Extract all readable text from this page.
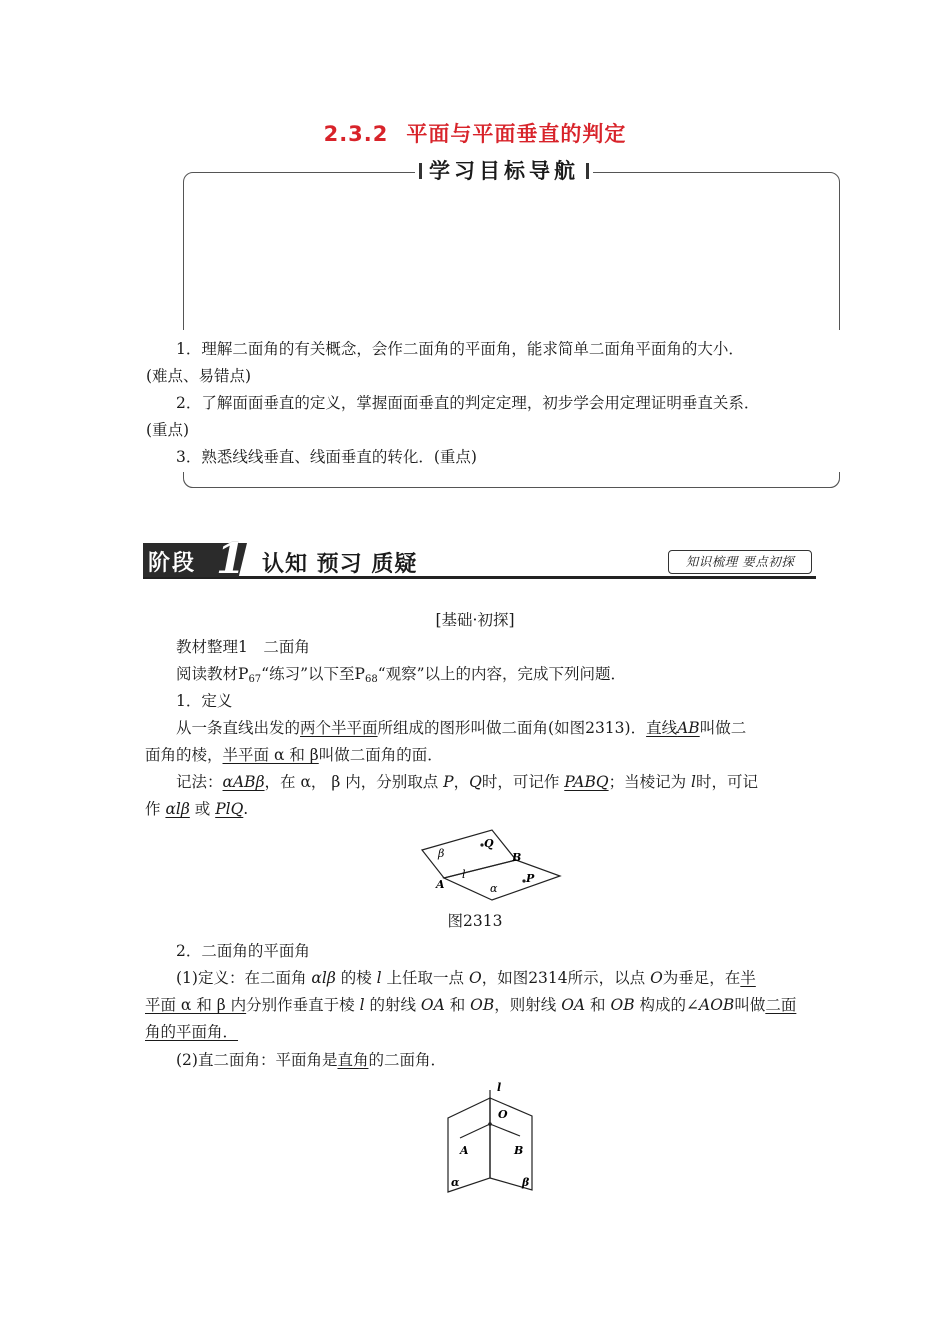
2.3.2 平面与平面垂直的判定
学习目标导航
1．理解二面角的有关概念，会作二面角的平面角，能求简单二面角平面角的大小．
(难点、易错点)
2．了解面面垂直的定义，掌握面面垂直的判定定理，初步学会用定理证明垂直关系．
(重点)
3．熟悉线线垂直、线面垂直的转化．(重点)
阶段 1 认知 预习 质疑	知识梳理 要点初探
[基础·初探]
教材整理1　二面角
阅读教材$P_{67}“$练习”以下至$P_{68}“$观察”以上的内容，完成下列问题．
1．定义
从一条直线出发的两个半平面所组成的图形叫做二面角(如图2313)．直线AB叫做二
面角的棱，半平面 α 和 β叫做二面角的面．
记法：αABβ，在 α， β 内，分别取点 P，Q时，可记作 PABQ；当棱记为 l时，可记
作 αlβ 或 PlQ.
β
Q
B
l	P
A	α
图2313
2．二面角的平面角
(1)定义：在二面角 αlβ 的棱 l 上任取一点 O，如图2314所示，以点 O为垂足，在半
平面 α 和 β 内分别作垂直于棱 l 的射线 OA 和 OB，则射线 OA 和 OB 构成的∠AOB叫做二面
角的平面角．
(2)直二面角：平面角是直角的二面角．
l
O
A	B
α	β
